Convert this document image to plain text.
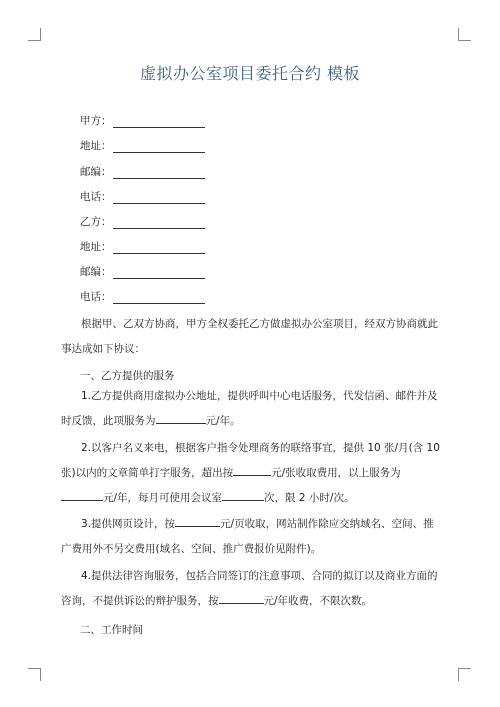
虚拟办公室项目委托合约 模板
甲方：
地址：
邮编：
电话：
乙方：
地址：
邮编：
电话：
根据甲、乙双方协商，甲方全权委托乙方做虚拟办公室项目，经双方协商就此事达成如下协议：
一、乙方提供的服务
1.乙方提供商用虚拟办公地址，提供呼叫中心电话服务，代发信函、邮件并及时反馈，此项服务为	元/年。
2.以客户名义来电，根据客户指令处理商务的联络事宜，提供 10 张/月(含 10 张)以内的文章简单打字服务，超出按	元/张收取费用，以上服务为元/年，每月可使用会议室	次，限 2 小时/次。
3.提供网页设计，按	元/页收取，网站制作除应交纳域名、空间、推广费用外不另交费用(域名、空间、推广费报价见附件)。
4.提供法律咨询服务，包括合同签订的注意事项、合同的拟订以及商业方面的咨询，不提供诉讼的辩护服务，按	元/年收费，不限次数。
二、工作时间
